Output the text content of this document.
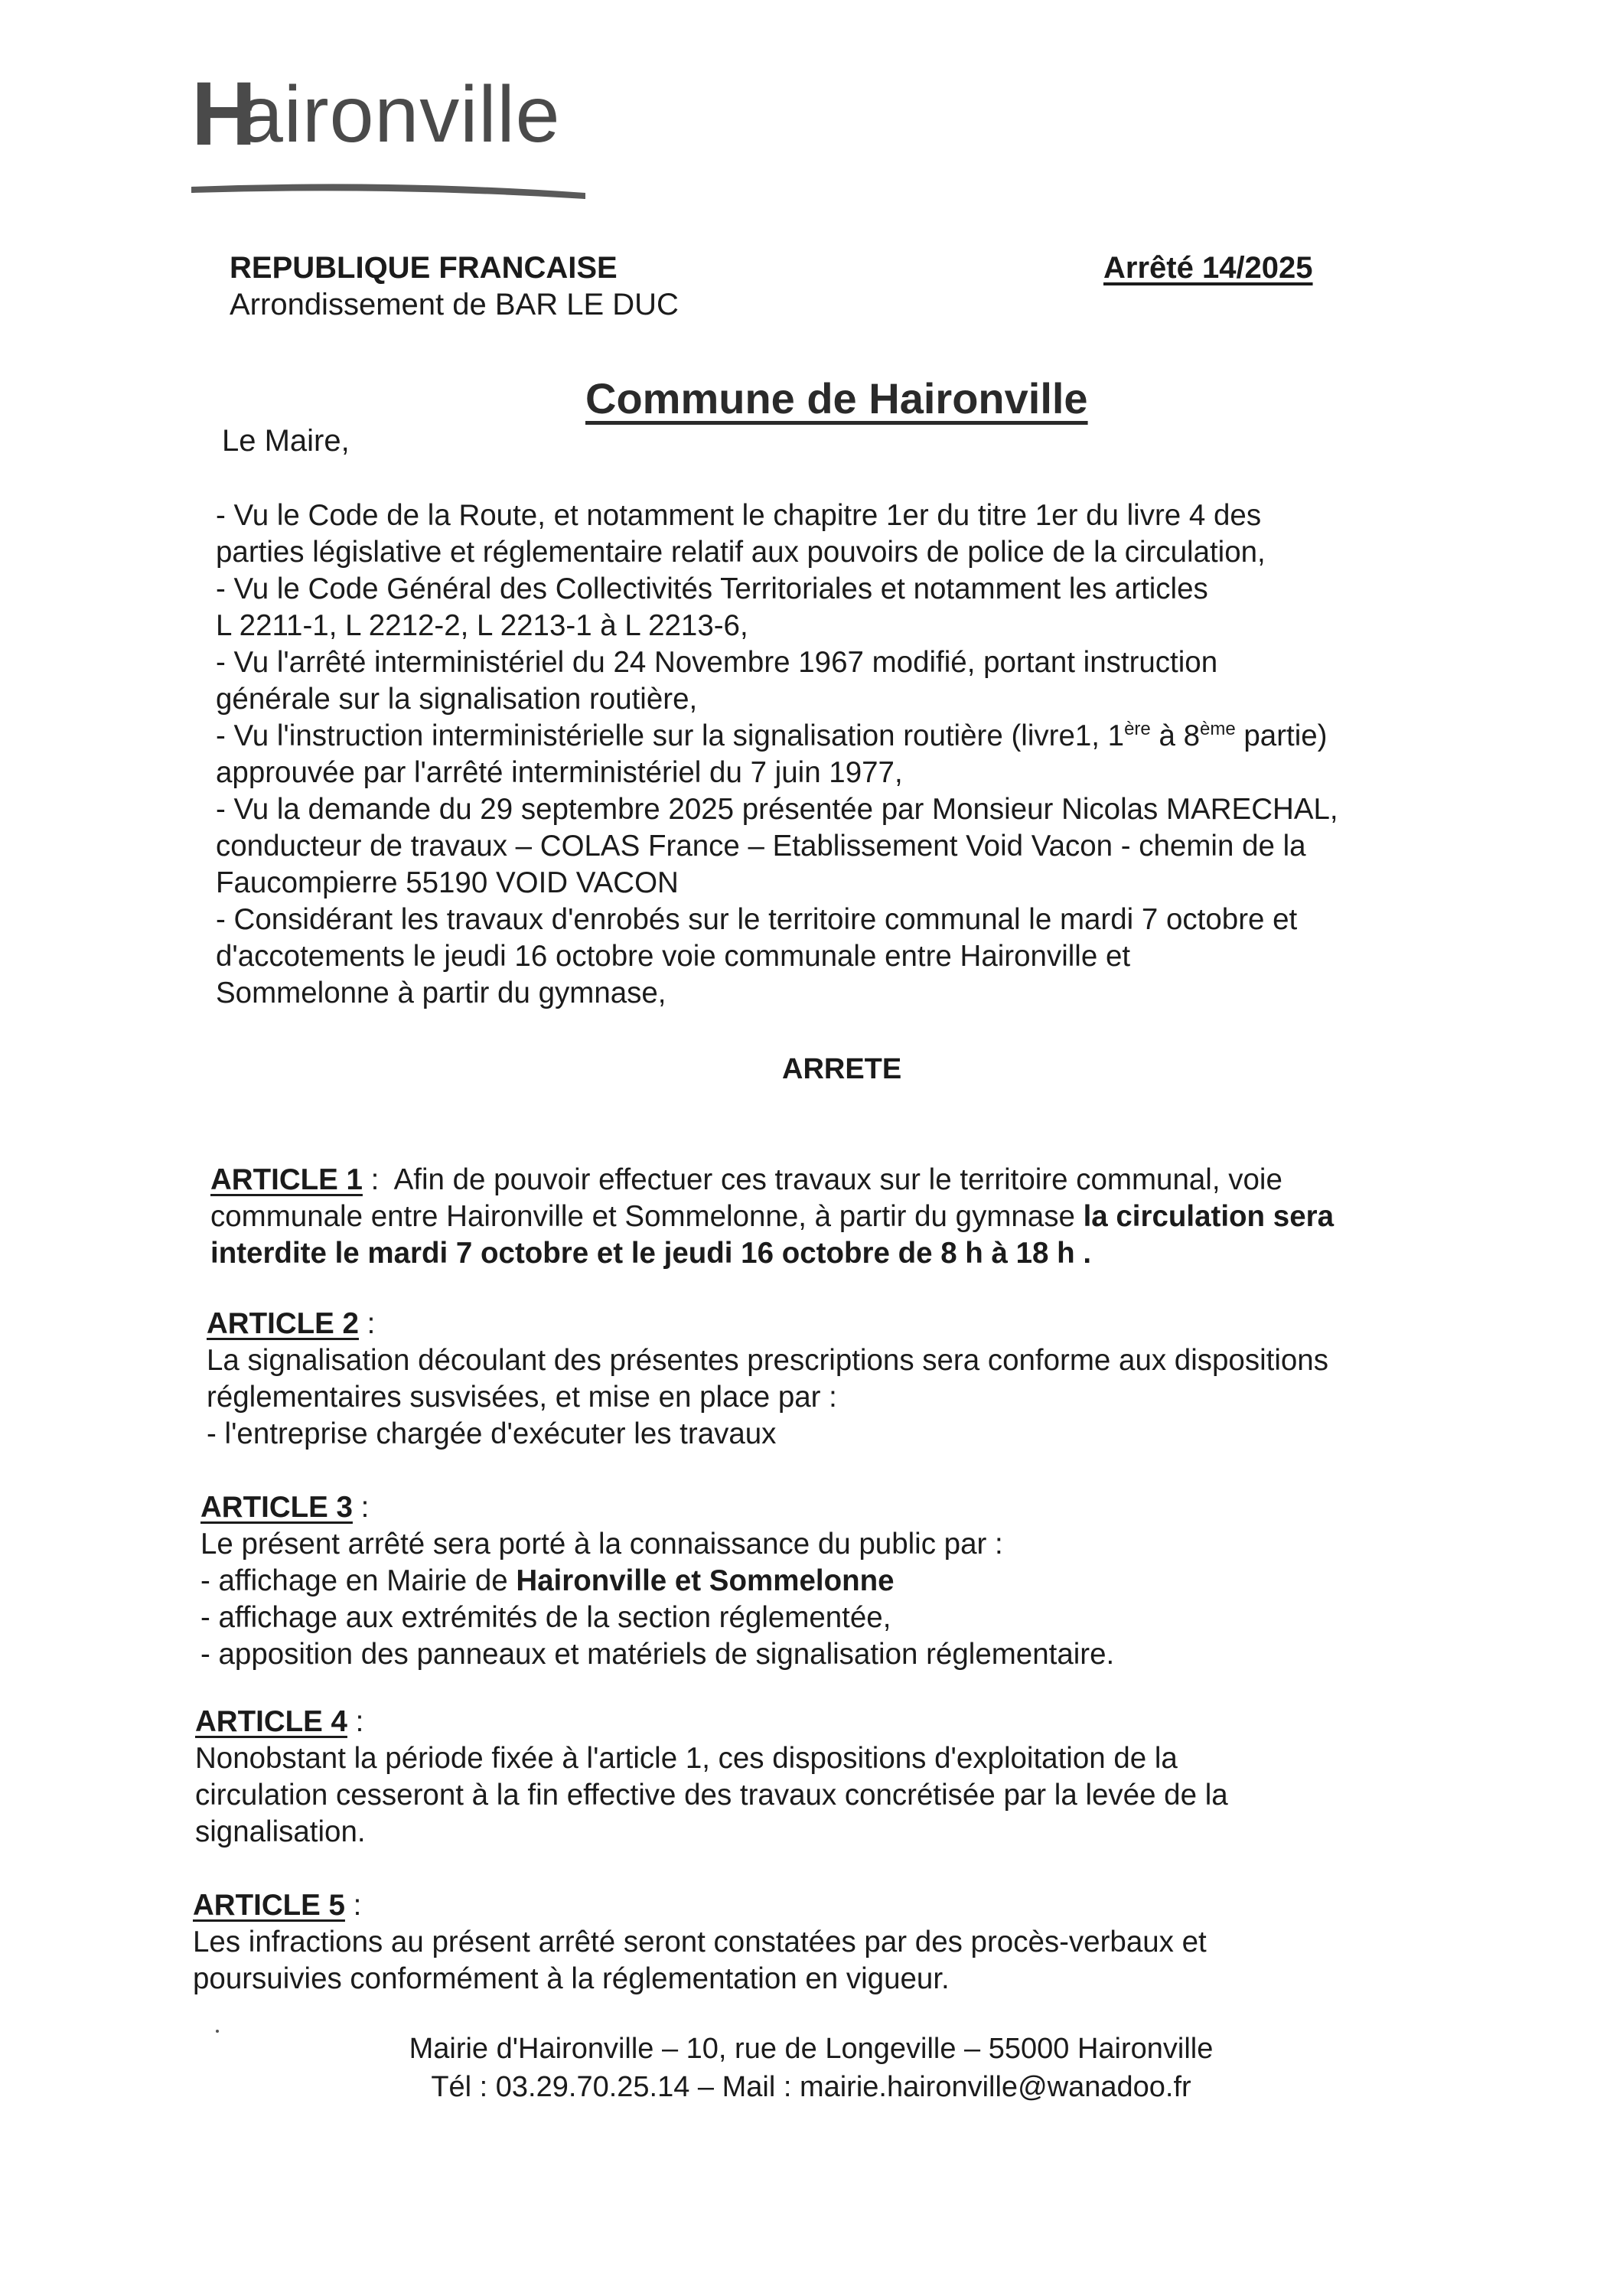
H
aironville
REPUBLIQUE FRANCAISE
Arrondissement de BAR LE DUC
Arrêté 14/2025
Commune de Haironville
Le Maire,
- Vu le Code de la Route, et notamment le chapitre 1er du titre 1er du livre 4 des
parties législative et réglementaire relatif aux pouvoirs de police de la circulation,
- Vu le Code Général des Collectivités Territoriales et notamment les articles
L 2211-1, L 2212-2, L 2213-1 à L 2213-6,
- Vu l'arrêté interministériel du 24 Novembre 1967 modifié, portant instruction
générale sur la signalisation routière,
- Vu l'instruction interministérielle sur la signalisation routière (livre1, 1ère à 8ème partie)
approuvée par l'arrêté interministériel du 7 juin 1977,
- Vu la demande du 29 septembre 2025 présentée par Monsieur Nicolas MARECHAL,
conducteur de travaux – COLAS France – Etablissement Void Vacon - chemin de la
Faucompierre 55190 VOID VACON
- Considérant les travaux d'enrobés sur le territoire communal le mardi 7 octobre et
d'accotements le jeudi 16 octobre voie communale entre Haironville et
Sommelonne à partir du gymnase,
ARRETE
ARTICLE 1 :  Afin de pouvoir effectuer ces travaux sur le territoire communal, voie
communale entre Haironville et Sommelonne, à partir du gymnase la circulation sera
interdite le mardi 7 octobre et le jeudi 16 octobre de 8 h à 18 h .
ARTICLE 2 :
La signalisation découlant des présentes prescriptions sera conforme aux dispositions
réglementaires susvisées, et mise en place par :
- l'entreprise chargée d'exécuter les travaux
ARTICLE 3 :
Le présent arrêté sera porté à la connaissance du public par :
- affichage en Mairie de Haironville et Sommelonne
- affichage aux extrémités de la section réglementée,
- apposition des panneaux et matériels de signalisation réglementaire.
ARTICLE 4 :
Nonobstant la période fixée à l'article 1, ces dispositions d'exploitation de la
circulation cesseront à la fin effective des travaux concrétisée par la levée de la
signalisation.
ARTICLE 5 :
Les infractions au présent arrêté seront constatées par des procès-verbaux et
poursuivies conformément à la réglementation en vigueur.
Mairie d'Haironville – 10, rue de Longeville – 55000 Haironville
Tél : 03.29.70.25.14 – Mail : mairie.haironville@wanadoo.fr
